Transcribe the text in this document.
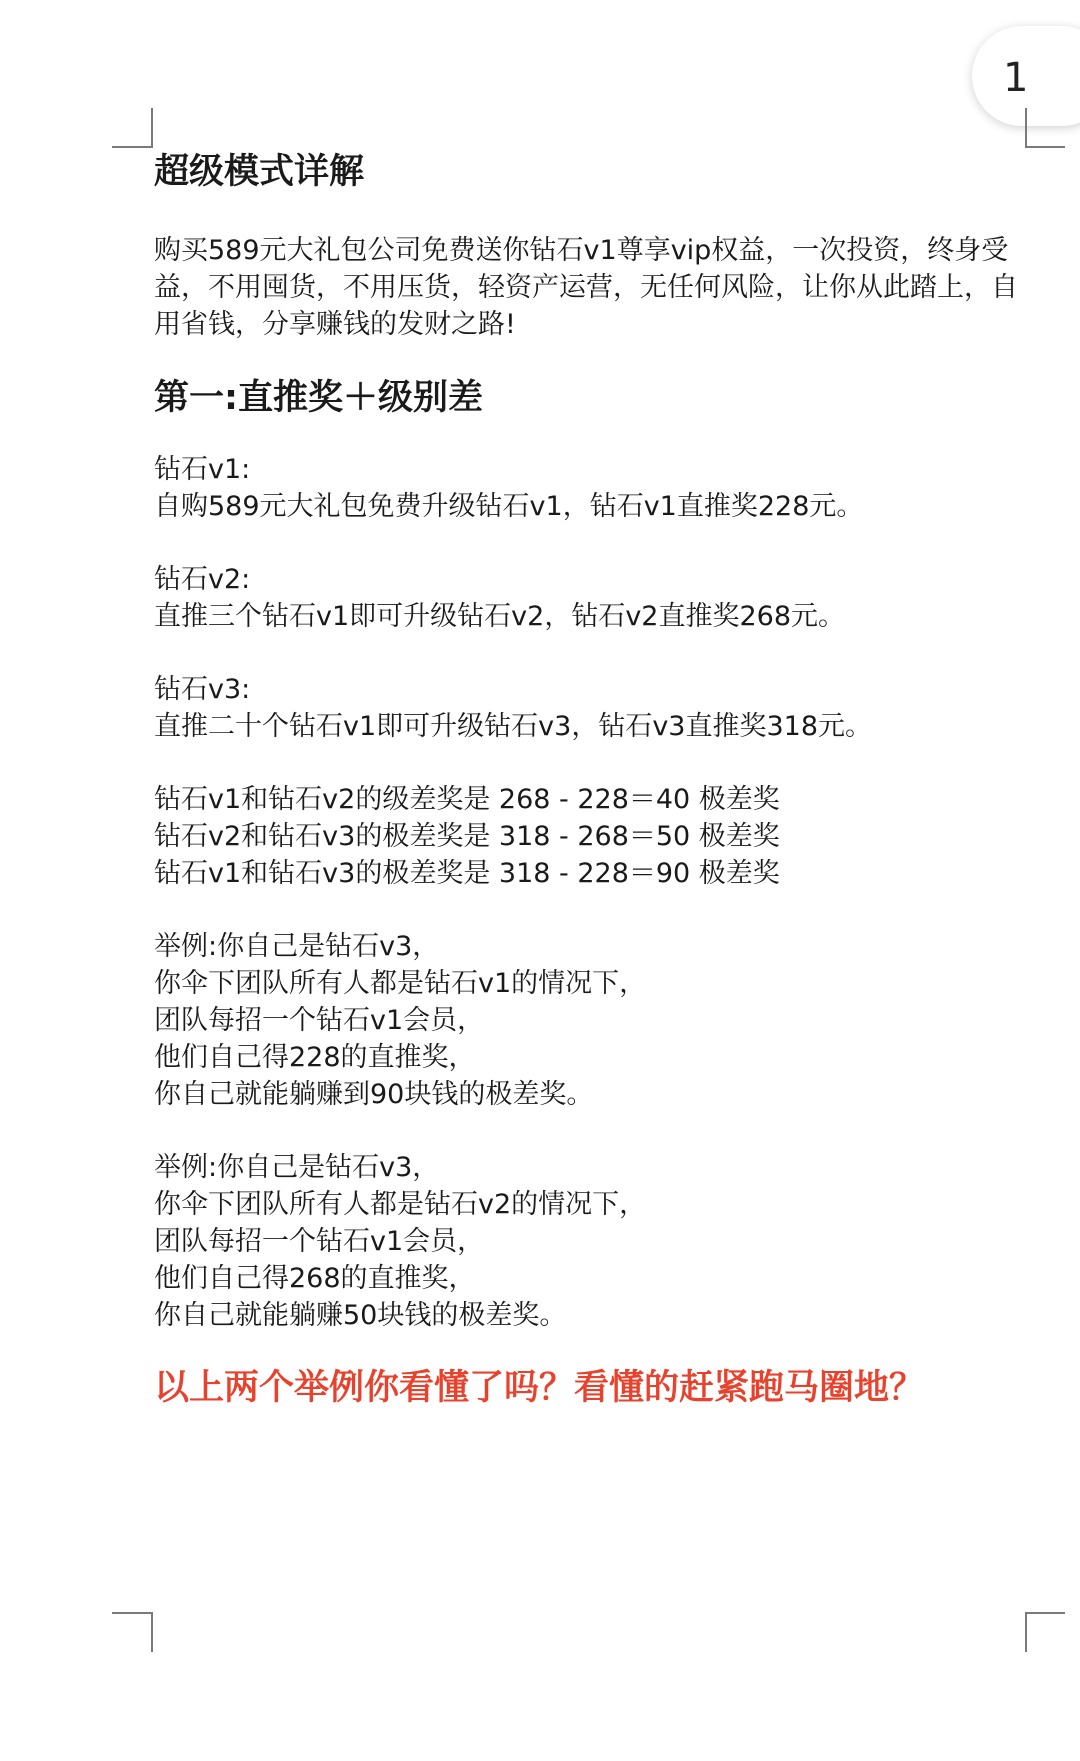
1
超级模式详解

购买589元大礼包公司免费送你钻石v1尊享vip权益，一次投资，终身受益，不用囤货，不用压货，轻资产运营，无任何风险，让你从此踏上，自用省钱，分享赚钱的发财之路!

第一:直推奖＋级别差
钻石v1:
自购589元大礼包免费升级钻石v1，钻石v1直推奖228元。
钻石v2:
直推三个钻石v1即可升级钻石v2，钻石v2直推奖268元。
钻石v3:
直推二十个钻石v1即可升级钻石v3，钻石v3直推奖318元。
钻石v1和钻石v2的级差奖是 268 - 228＝40 极差奖
钻石v2和钻石v3的极差奖是 318 - 268＝50 极差奖
钻石v1和钻石v3的极差奖是 318 - 228＝90 极差奖
举例:你自己是钻石v3，
你伞下团队所有人都是钻石v1的情况下，
团队每招一个钻石v1会员，
他们自己得228的直推奖，
你自己就能躺赚到90块钱的极差奖。
举例:你自己是钻石v3，
你伞下团队所有人都是钻石v2的情况下，
团队每招一个钻石v1会员，
他们自己得268的直推奖，
你自己就能躺赚50块钱的极差奖。
以上两个举例你看懂了吗？看懂的赶紧跑马圈地？
